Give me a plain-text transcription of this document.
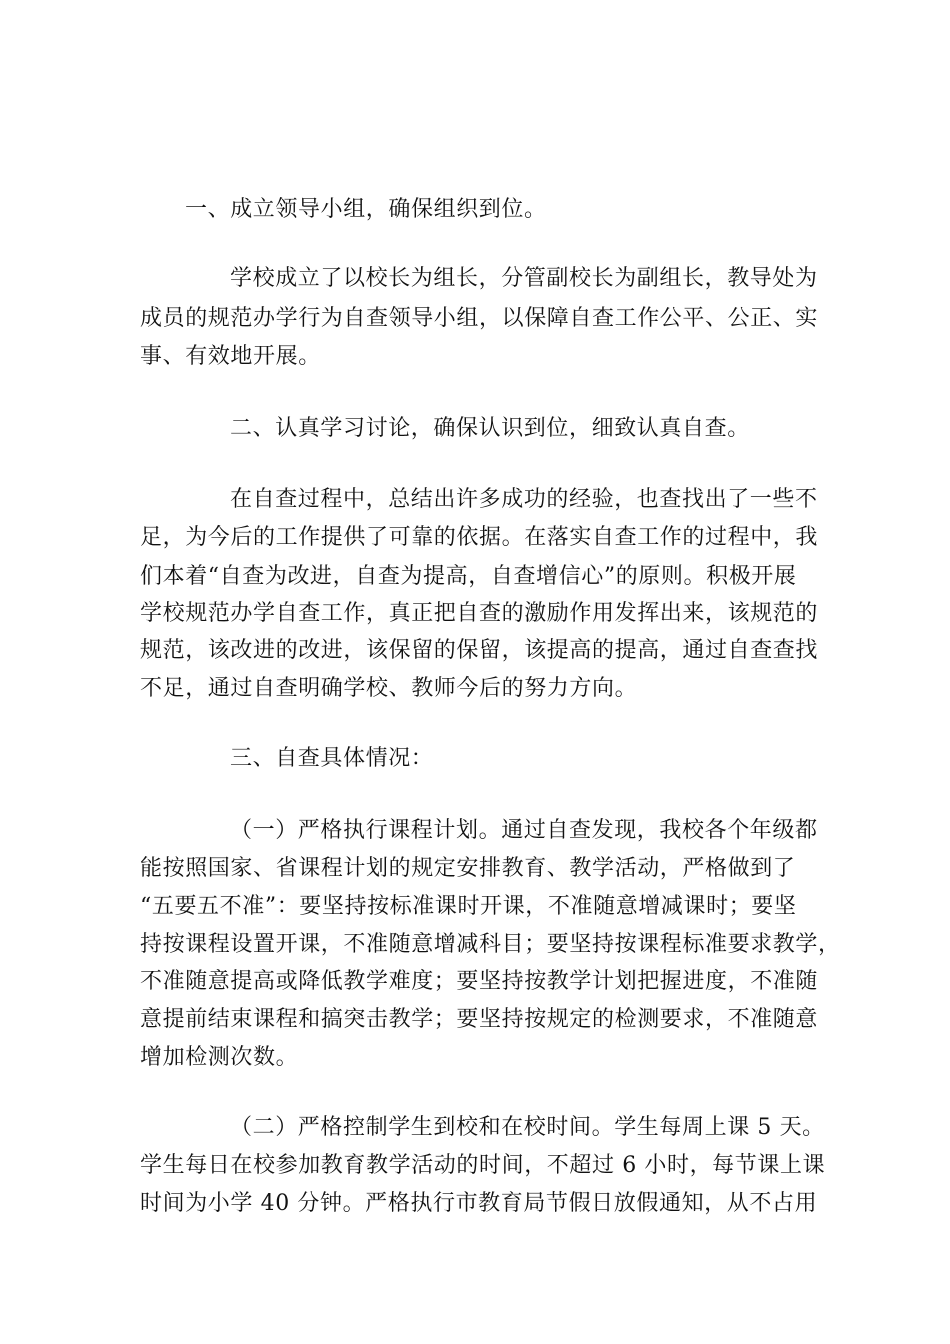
一、成立领导小组，确保组织到位。
学校成立了以校长为组长，分管副校长为副组长，教导处为
成员的规范办学行为自查领导小组，以保障自查工作公平、公正、实
事、有效地开展。
二、认真学习讨论，确保认识到位，细致认真自查。
在自查过程中，总结出许多成功的经验，也查找出了一些不
足，为今后的工作提供了可靠的依据。在落实自查工作的过程中，我
们本着“自查为改进，自查为提高，自查增信心”的原则。积极开展
学校规范办学自查工作，真正把自查的激励作用发挥出来，该规范的
规范，该改进的改进，该保留的保留，该提高的提高，通过自查查找
不足，通过自查明确学校、教师今后的努力方向。
三、自查具体情况：
（一）严格执行课程计划。通过自查发现，我校各个年级都
能按照国家、省课程计划的规定安排教育、教学活动，严格做到了
“五要五不准”：要坚持按标准课时开课，不准随意增减课时；要坚
持按课程设置开课，不准随意增减科目；要坚持按课程标准要求教学，
不准随意提高或降低教学难度；要坚持按教学计划把握进度，不准随
意提前结束课程和搞突击教学；要坚持按规定的检测要求，不准随意
增加检测次数。
（二）严格控制学生到校和在校时间。学生每周上课 5 天。
学生每日在校参加教育教学活动的时间，不超过 6 小时，每节课上课
时间为小学 40 分钟。严格执行市教育局节假日放假通知，从不占用
